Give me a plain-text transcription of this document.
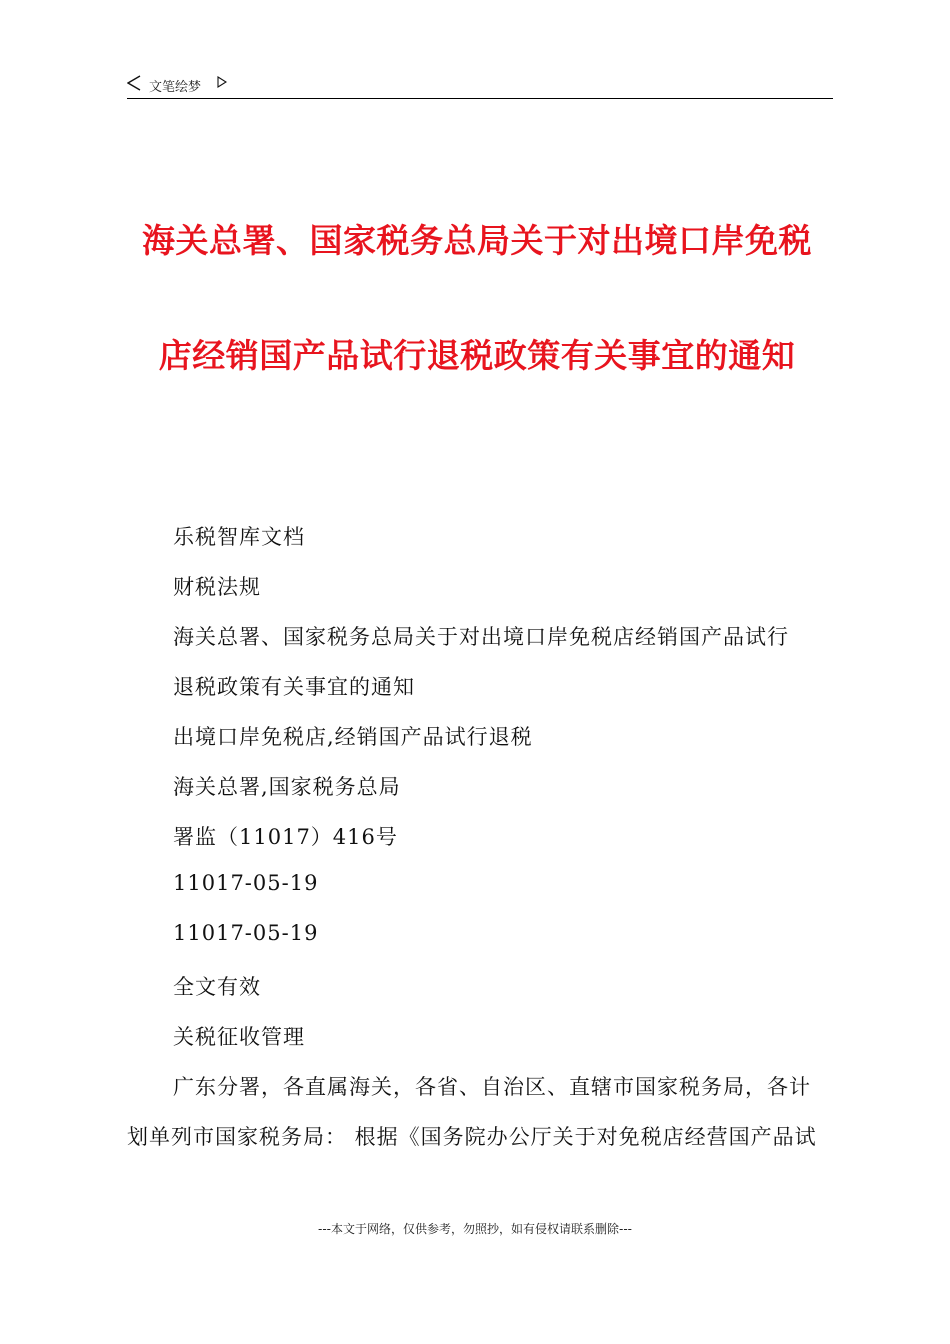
文笔绘梦
海关总署、国家税务总局关于对出境口岸免税
店经销国产品试行退税政策有关事宜的通知
乐税智库文档
财税法规
海关总署、国家税务总局关于对出境口岸免税店经销国产品试行
退税政策有关事宜的通知
出境口岸免税店,经销国产品试行退税
海关总署,国家税务总局
署监（11017）416号
11017-05-19
11017-05-19
全文有效
关税征收管理
广东分署，各直属海关，各省、自治区、直辖市国家税务局，各计
划单列市国家税务局： 根据《国务院办公厅关于对免税店经营国产品试
---本文于网络，仅供参考，勿照抄，如有侵权请联系删除---
